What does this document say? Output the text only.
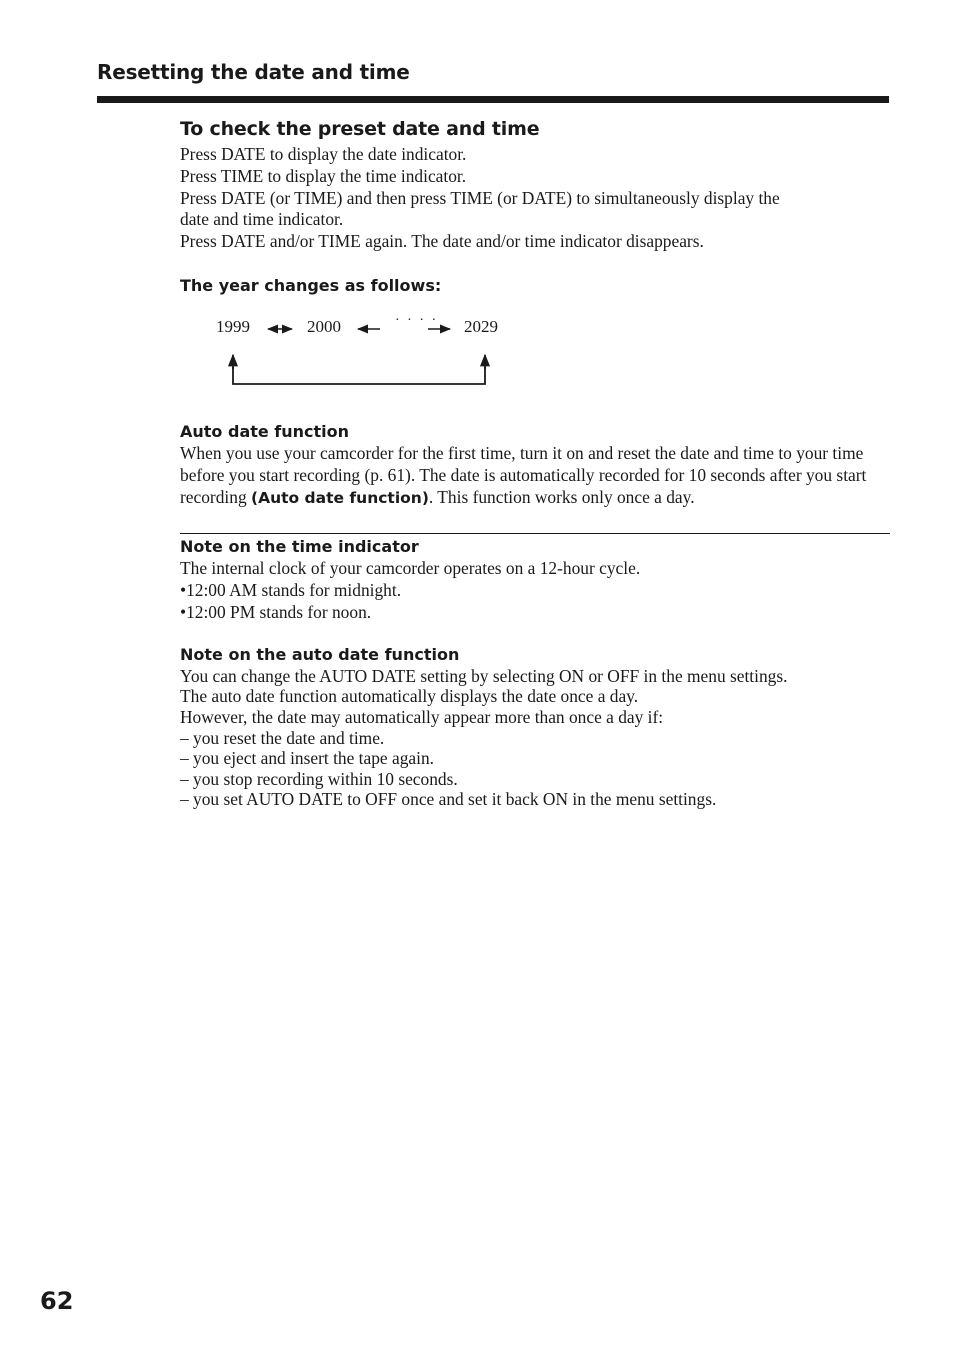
Resetting the date and time
To check the preset date and time
Press DATE to display the date indicator.
Press TIME to display the time indicator.
Press DATE (or TIME) and then press TIME (or DATE) to simultaneously display the
date and time indicator.
Press DATE and/or TIME again. The date and/or time indicator disappears.
The year changes as follows:
1999	2000	· · · · 2029
Auto date function
When you use your camcorder for the first time, turn it on and reset the date and time to your time before you start recording (p. 61). The date is automatically recorded for 10 seconds after you start recording (Auto date function). This function works only once a day.
Note on the time indicator
The internal clock of your camcorder operates on a 12-hour cycle.
•12:00 AM stands for midnight.
•12:00 PM stands for noon.
Note on the auto date function
You can change the AUTO DATE setting by selecting ON or OFF in the menu settings.
The auto date function automatically displays the date once a day.
However, the date may automatically appear more than once a day if:
– you reset the date and time.
– you eject and insert the tape again.
– you stop recording within 10 seconds.
– you set AUTO DATE to OFF once and set it back ON in the menu settings.
62
